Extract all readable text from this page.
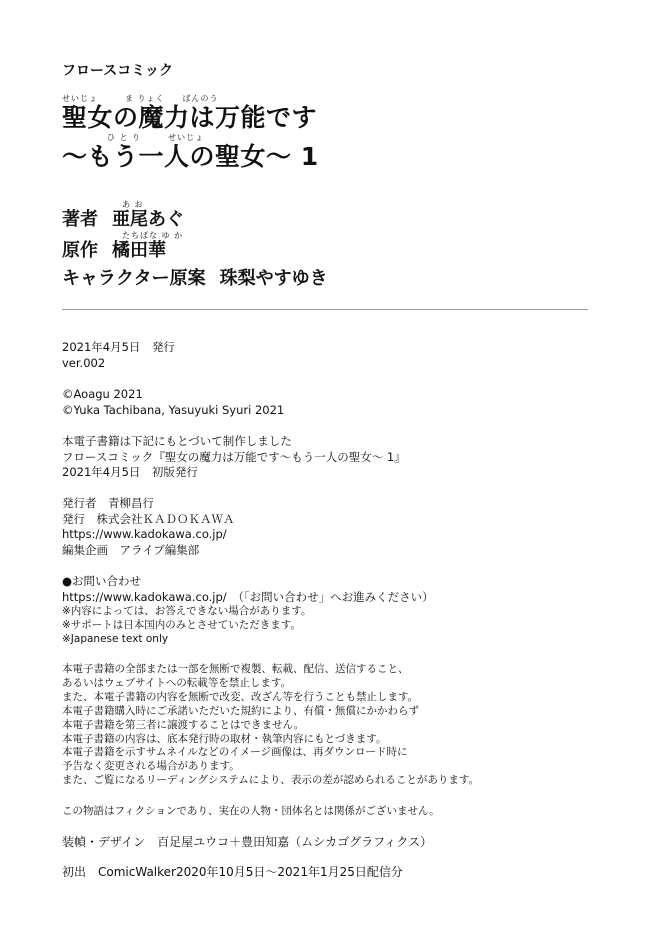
フロースコミック
せいじょ　　　ま りょく　　ばんのう
聖女の魔力は万能です
　　　　　ひ と り　　　せいじょ
〜もう一人の聖女〜 1
あ お
著者 亜尾あぐ
たちばな ゆ か
原作 橘田華
キャラクター原案 珠梨やすゆき
2021年4月5日　発行
ver.002
©Aoagu 2021
©Yuka Tachibana, Yasuyuki Syuri 2021
本電子書籍は下記にもとづいて制作しました
フロースコミック『聖女の魔力は万能です〜もう一人の聖女〜 1』
2021年4月5日　初版発行
発行者　青柳昌行
発行　株式会社ＫＡＤＯＫＡＷＡ
https://www.kadokawa.co.jp/
編集企画　アライブ編集部
●お問い合わせ
https://www.kadokawa.co.jp/　（「お問い合わせ」へお進みください）
※内容によっては、お答えできない場合があります。
※サポートは日本国内のみとさせていただきます。
※Japanese text only
本電子書籍の全部または一部を無断で複製、転載、配信、送信すること、
あるいはウェブサイトへの転載等を禁止します。
また、本電子書籍の内容を無断で改変、改ざん等を行うことも禁止します。
本電子書籍購入時にご承諾いただいた規約により、有償・無償にかかわらず
本電子書籍を第三者に譲渡することはできません。
本電子書籍の内容は、底本発行時の取材・執筆内容にもとづきます。
本電子書籍を示すサムネイルなどのイメージ画像は、再ダウンロード時に
予告なく変更される場合があります。
また、ご覧になるリーディングシステムにより、表示の差が認められることがあります。
この物語はフィクションであり、実在の人物・団体名とは関係がございません。
装幀・デザイン　百足屋ユウコ＋豊田知嘉（ムシカゴグラフィクス）
初出　ComicWalker2020年10月5日〜2021年1月25日配信分
